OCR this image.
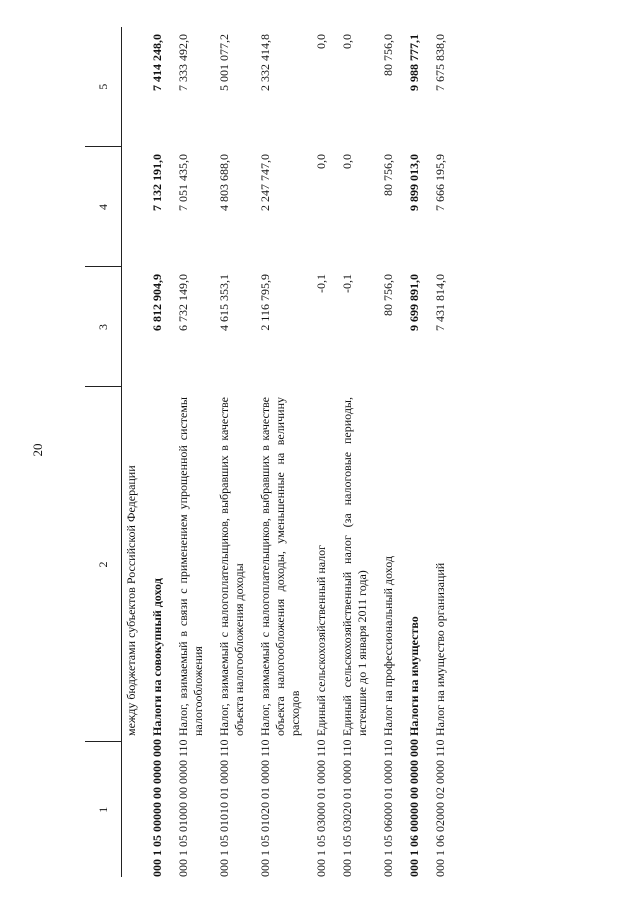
20
1	2	3	4	5
	между бюджетами субъектов Российской Федерации			
000 1 05 00000 00 0000 000	Налоги на совокупный доход	6 812 904,9	7 132 191,0	7 414 248,0
000 1 05 01000 00 0000 110	Налог, взимаемый в связи с применением упрощенной системы налогообложения	6 732 149,0	7 051 435,0	7 333 492,0
000 1 05 01010 01 0000 110	Налог, взимаемый с налогоплательщиков, выбравших в качестве объекта налогообложения доходы	4 615 353,1	4 803 688,0	5 001 077,2
000 1 05 01020 01 0000 110	Налог, взимаемый с налогоплательщиков, выбравших в качестве объекта налогообложения доходы, уменьшенные на величину расходов	2 116 795,9	2 247 747,0	2 332 414,8
000 1 05 03000 01 0000 110	Единый сельскохозяйственный налог	-0,1	0,0	0,0
000 1 05 03020 01 0000 110	Единый сельскохозяйственный налог (за налоговые периоды, истекшие до 1 января 2011 года)	-0,1	0,0	0,0
000 1 05 06000 01 0000 110	Налог на профессиональный доход	80 756,0	80 756,0	80 756,0
000 1 06 00000 00 0000 000	Налоги на имущество	9 699 891,0	9 899 013,0	9 988 777,1
000 1 06 02000 02 0000 110	Налог на имущество организаций	7 431 814,0	7 666 195,9	7 675 838,0
